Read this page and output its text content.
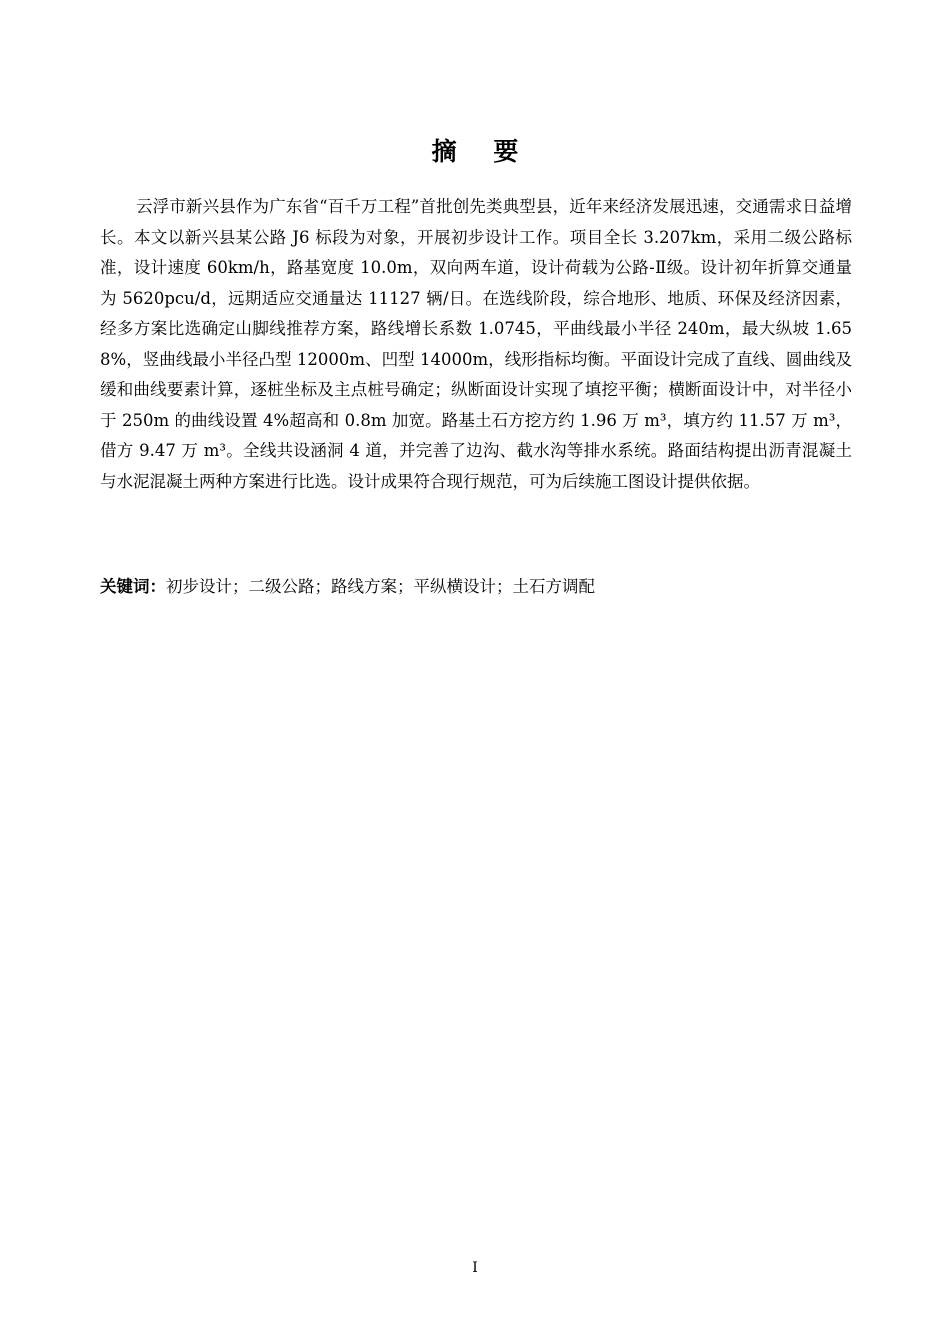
摘 要

云浮市新兴县作为广东省“百千万工程”首批创先类典型县，近年来经济发展迅速，交通需求日益增长。本文以新兴县某公路 J6 标段为对象，开展初步设计工作。项目全长 3.207km，采用二级公路标准，设计速度 60km/h，路基宽度 10.0m，双向两车道，设计荷载为公路-Ⅱ级。设计初年折算交通量为 5620pcu/d，远期适应交通量达 11127 辆/日。在选线阶段，综合地形、地质、环保及经济因素，经多方案比选确定山脚线推荐方案，路线增长系数 1.0745，平曲线最小半径 240m，最大纵坡 1.658%，竖曲线最小半径凸型 12000m、凹型 14000m，线形指标均衡。平面设计完成了直线、圆曲线及缓和曲线要素计算，逐桩坐标及主点桩号确定；纵断面设计实现了填挖平衡；横断面设计中，对半径小于 250m 的曲线设置 4%超高和 0.8m 加宽。路基土石方挖方约 1.96 万 m³，填方约 11.57 万 m³，借方 9.47 万 m³。全线共设涵洞 4 道，并完善了边沟、截水沟等排水系统。路面结构提出沥青混凝土与水泥混凝土两种方案进行比选。设计成果符合现行规范，可为后续施工图设计提供依据。

关键词：初步设计；二级公路；路线方案；平纵横设计；土石方调配

I
